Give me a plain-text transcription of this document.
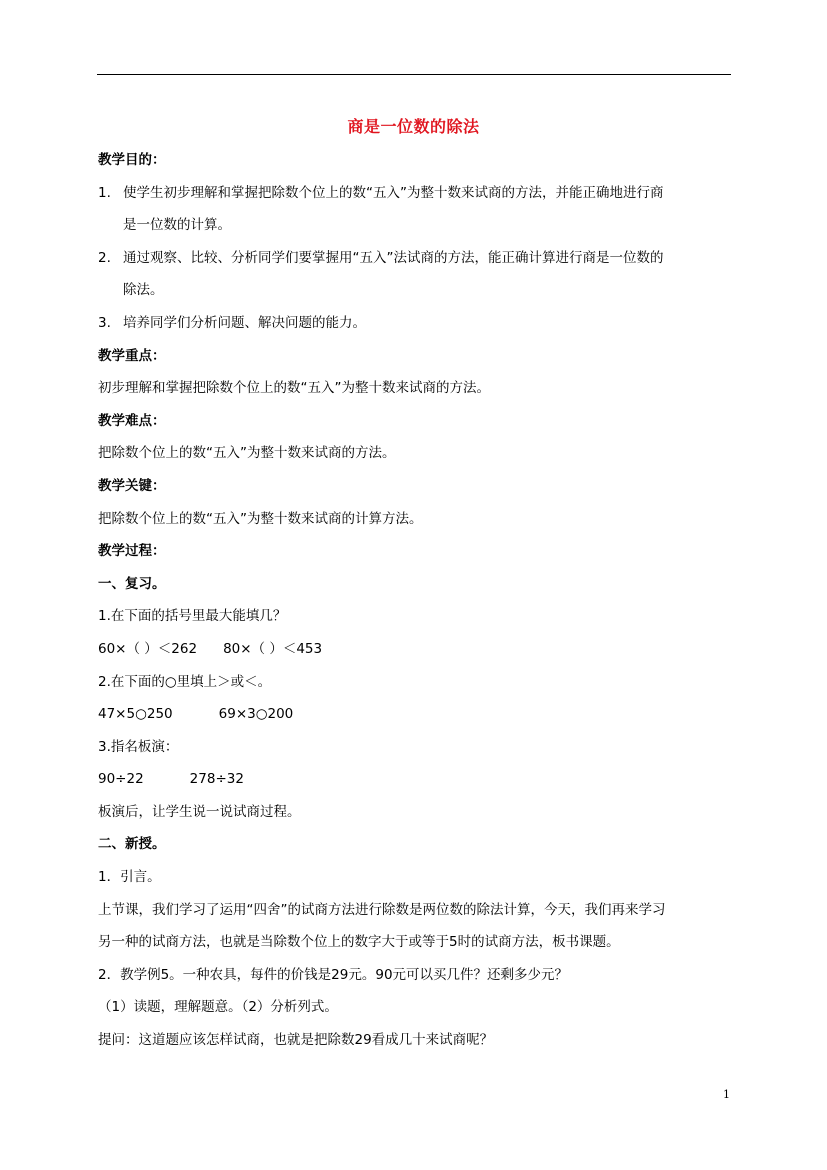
商是一位数的除法
教学目的：
1. 使学生初步理解和掌握把除数个位上的数“五入”为整十数来试商的方法，并能正确地进行商
是一位数的计算。
2. 通过观察、比较、分析同学们要掌握用“五入”法试商的方法，能正确计算进行商是一位数的
除法。
3. 培养同学们分析问题、解决问题的能力。
教学重点：
初步理解和掌握把除数个位上的数“五入”为整十数来试商的方法。
教学难点：
把除数个位上的数“五入”为整十数来试商的方法。
教学关键：
把除数个位上的数“五入”为整十数来试商的计算方法。
教学过程：
一、复习。
1.在下面的括号里最大能填几？
60×（ ）＜262 80×（ ）＜453
2.在下面的○里填上＞或＜。
47×5○250	69×3○200
3.指名板演：
90÷22	278÷32
板演后，让学生说一说试商过程。
二、新授。
1．引言。
上节课，我们学习了运用“四舍”的试商方法进行除数是两位数的除法计算，今天，我们再来学习
另一种的试商方法，也就是当除数个位上的数字大于或等于5时的试商方法，板书课题。
2．教学例5。一种农具，每件的价钱是29元。90元可以买几件？还剩多少元？
（1）读题，理解题意。（2）分析列式。
提问：这道题应该怎样试商，也就是把除数29看成几十来试商呢？
1
